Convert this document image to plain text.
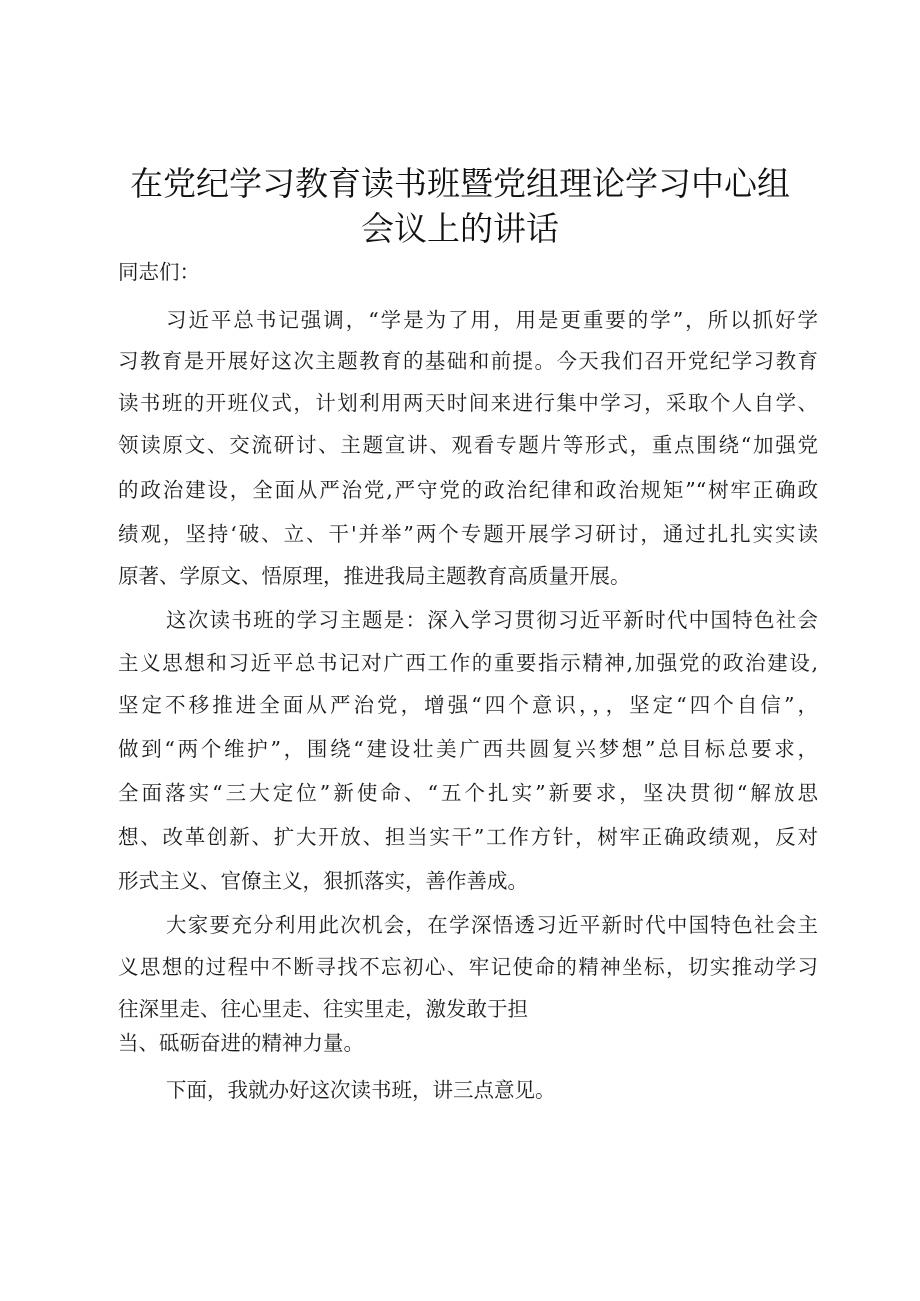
在党纪学习教育读书班暨党组理论学习中心组
会议上的讲话

同志们：

习近平总书记强调，“学是为了用，用是更重要的学”，所以抓好学

习教育是开展好这次主题教育的基础和前提。今天我们召开党纪学习教育

读书班的开班仪式，计划利用两天时间来进行集中学习，采取个人自学、

领读原文、交流研讨、主题宣讲、观看专题片等形式，重点围绕“加强党

的政治建设，全面从严治党,严守党的政治纪律和政治规矩”“树牢正确政

绩观，坚持‘破、立、干'并举”两个专题开展学习研讨，通过扎扎实实读

原著、学原文、悟原理，推进我局主题教育高质量开展。

这次读书班的学习主题是：深入学习贯彻习近平新时代中国特色社会

主义思想和习近平总书记对广西工作的重要指示精神,加强党的政治建设,

坚定不移推进全面从严治党，增强“四个意识，，，坚定“四个自信”，

做到“两个维护”，围绕“建设壮美广西共圆复兴梦想”总目标总要求，

全面落实“三大定位”新使命、“五个扎实”新要求，坚决贯彻“解放思

想、改革创新、扩大开放、担当实干”工作方针，树牢正确政绩观，反对

形式主义、官僚主义，狠抓落实，善作善成。

大家要充分利用此次机会，在学深悟透习近平新时代中国特色社会主

义思想的过程中不断寻找不忘初心、牢记使命的精神坐标，切实推动学习

往深里走、往心里走、往实里走，激发敢于担

当、砥砺奋进的精神力量。

下面，我就办好这次读书班，讲三点意见。
